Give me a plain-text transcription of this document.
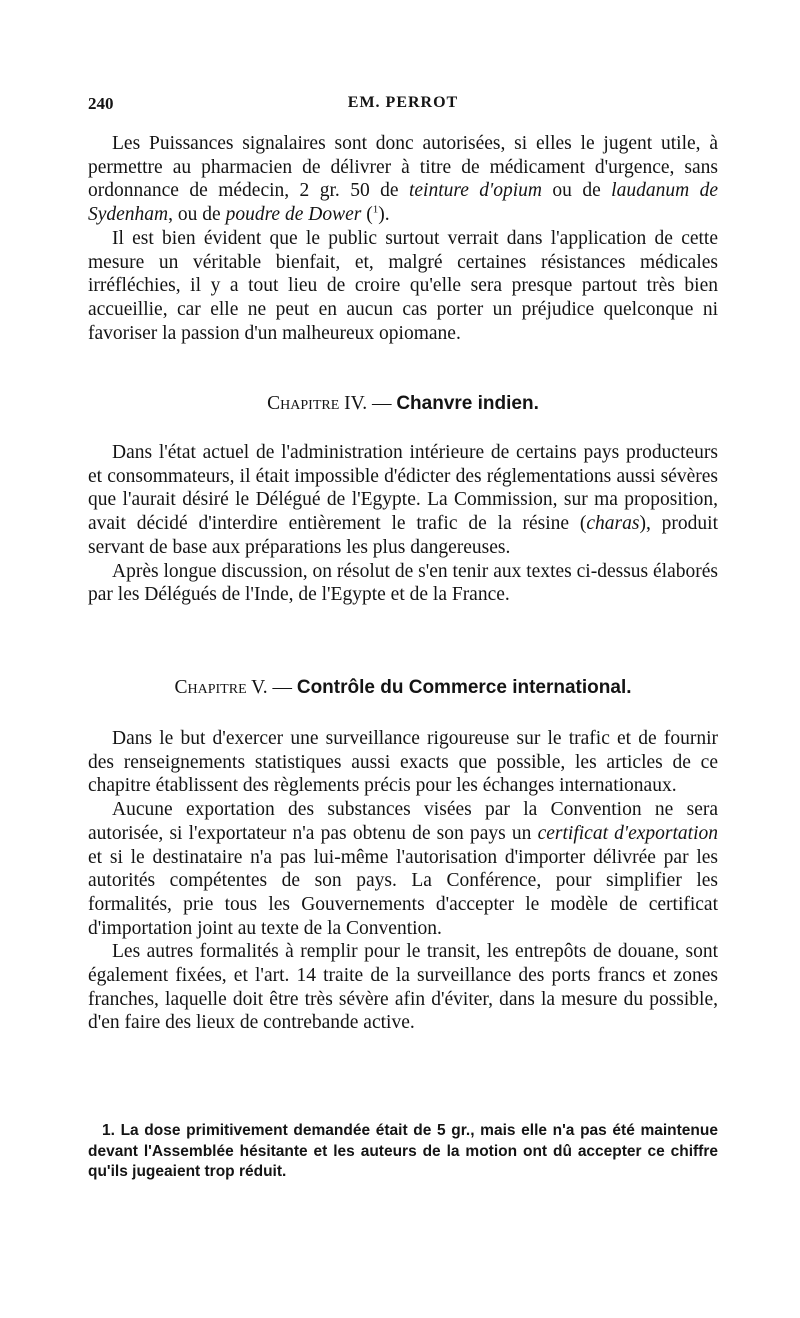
240	EM. PERROT

Les Puissances signalaires sont donc autorisées, si elles le jugent utile, à permettre au pharmacien de délivrer à titre de médicament d'urgence, sans ordonnance de médecin, 2 gr. 50 de teinture d'opium ou de laudanum de Sydenham, ou de poudre de Dower ($^1$).

Il est bien évident que le public surtout verrait dans l'application de cette mesure un véritable bienfait, et, malgré certaines résistances médicales irréfléchies, il y a tout lieu de croire qu'elle sera presque partout très bien accueillie, car elle ne peut en aucun cas porter un préjudice quelconque ni favoriser la passion d'un malheureux opiomane.

Chapitre IV. — Chanvre indien.

Dans l'état actuel de l'administration intérieure de certains pays producteurs et consommateurs, il était impossible d'édicter des réglementations aussi sévères que l'aurait désiré le Délégué de l'Egypte. La Commission, sur ma proposition, avait décidé d'interdire entièrement le trafic de la résine (charas), produit servant de base aux préparations les plus dangereuses.

Après longue discussion, on résolut de s'en tenir aux textes ci-dessus élaborés par les Délégués de l'Inde, de l'Egypte et de la France.

Chapitre V. — Contrôle du Commerce international.

Dans le but d'exercer une surveillance rigoureuse sur le trafic et de fournir des renseignements statistiques aussi exacts que possible, les articles de ce chapitre établissent des règlements précis pour les échanges internationaux.

Aucune exportation des substances visées par la Convention ne sera autorisée, si l'exportateur n'a pas obtenu de son pays un certificat d'exportation et si le destinataire n'a pas lui-même l'autorisation d'importer délivrée par les autorités compétentes de son pays. La Conférence, pour simplifier les formalités, prie tous les Gouvernements d'accepter le modèle de certificat d'importation joint au texte de la Convention.

Les autres formalités à remplir pour le transit, les entrepôts de douane, sont également fixées, et l'art. 14 traite de la surveillance des ports francs et zones franches, laquelle doit être très sévère afin d'éviter, dans la mesure du possible, d'en faire des lieux de contrebande active.

1. La dose primitivement demandée était de 5 gr., mais elle n'a pas été maintenue devant l'Assemblée hésitante et les auteurs de la motion ont dû accepter ce chiffre qu'ils jugeaient trop réduit.
